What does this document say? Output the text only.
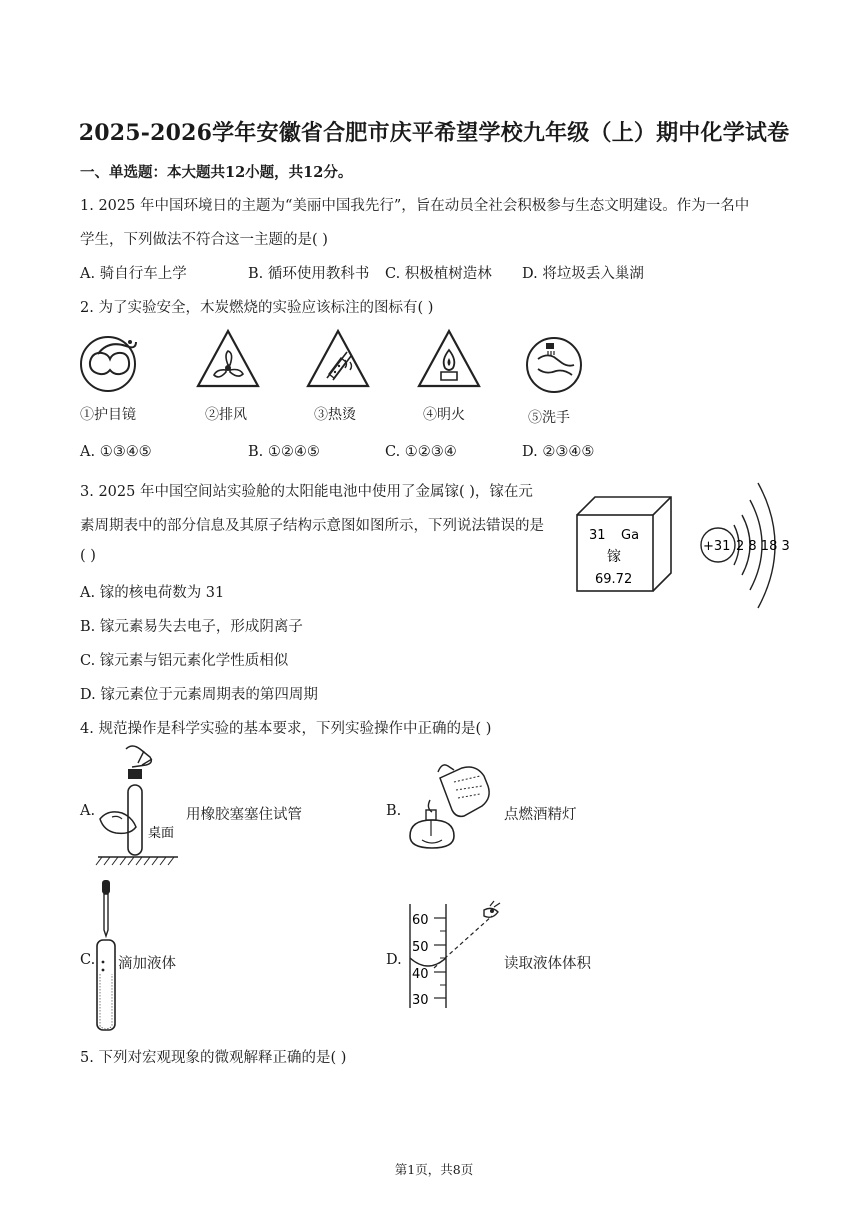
2025-2026学年安徽省合肥市庆平希望学校九年级（上）期中化学试卷
一、单选题：本大题共12小题，共12分。
1. 2025 年中国环境日的主题为“美丽中国我先行”，旨在动员全社会积极参与生态文明建设。作为一名中
学生，下列做法不符合这一主题的是( )
A. 骑自行车上学	B. 循环使用教科书 C. 积极植树造林 D. 将垃圾丢入巢湖
2. 为了实验安全，木炭燃烧的实验应该标注的图标有( )
①护目镜	②排风	③热烫	④明火	⑤洗手
A. ①③④⑤	B. ①②④⑤	C. ①②③④	D. ②③④⑤
3. 2025 年中国空间站实验舱的太阳能电池中使用了金属镓( )，镓在元
素周期表中的部分信息及其原子结构示意图如图所示，下列说法错误的是
( )
A. 镓的核电荷数为 31
B. 镓元素易失去电子，形成阴离子
C. 镓元素与铝元素化学性质相似
D. 镓元素位于元素周期表的第四周期
31 Ga
镓
69.72
+31 2 8 18 3
4. 规范操作是科学实验的基本要求，下列实验操作中正确的是( )
A.
桌面
用橡胶塞塞住试管	B.	点燃酒精灯
C. 滴加液体	D.
60
50
40
30
读取液体体积
5. 下列对宏观现象的微观解释正确的是( )
第1页，共8页
